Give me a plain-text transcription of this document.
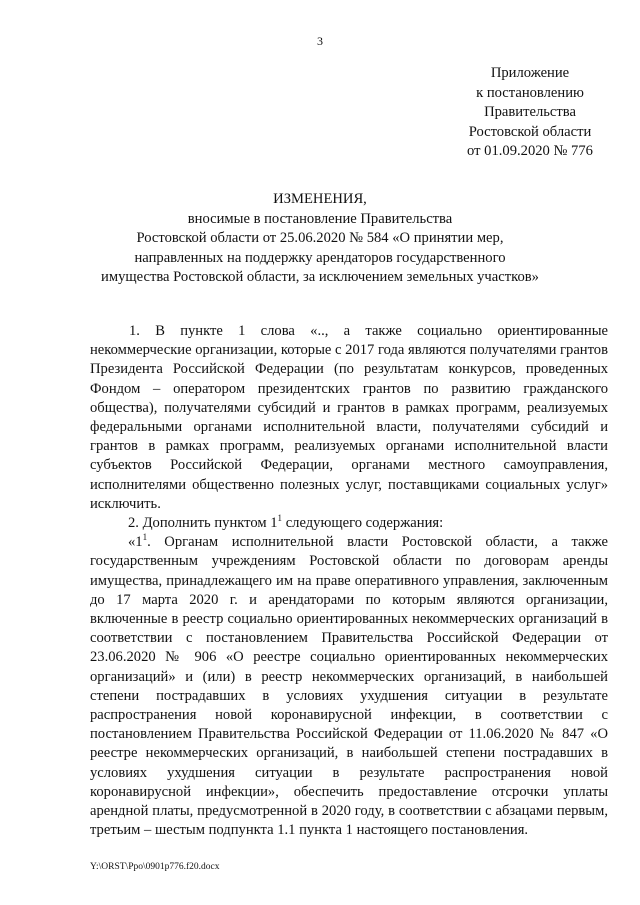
3
Приложение
к постановлению
Правительства
Ростовской области
от 01.09.2020 № 776
ИЗМЕНЕНИЯ,
вносимые в постановление Правительства
Ростовской области от 25.06.2020 № 584 «О принятии мер,
направленных на поддержку арендаторов государственного
имущества Ростовской области, за исключением земельных участков»

1. В пункте 1 слова «.., а также социально ориентированные некоммерческие организации, которые с 2017 года являются получателями грантов Президента Российской Федерации (по результатам конкурсов, проведенных Фондом – оператором президентских грантов по развитию гражданского общества), получателями субсидий и грантов в рамках программ, реализуемых федеральными органами исполнительной власти, получателями субсидий и грантов в рамках программ, реализуемых органами исполнительной власти субъектов Российской Федерации, органами местного самоуправления, исполнителями общественно полезных услуг, поставщиками социальных услуг» исключить.

2. Дополнить пунктом $1^1$ следующего содержания:

«$1^1$. Органам исполнительной власти Ростовской области, а также государственным учреждениям Ростовской области по договорам аренды имущества, принадлежащего им на праве оперативного управления, заключенным до 17 марта 2020 г. и арендаторами по которым являются организации, включенные в реестр социально ориентированных некоммерческих организаций в соответствии с постановлением Правительства Российской Федерации от 23.06.2020 № 906 «О реестре социально ориентированных некоммерческих организаций» и (или) в реестр некоммерческих организаций, в наибольшей степени пострадавших в условиях ухудшения ситуации в результате распространения новой коронавирусной инфекции, в соответствии с постановлением Правительства Российской Федерации от 11.06.2020 № 847 «О реестре некоммерческих организаций, в наибольшей степени пострадавших в условиях ухудшения ситуации в результате распространения новой коронавирусной инфекции», обеспечить предоставление отсрочки уплаты арендной платы, предусмотренной в 2020 году, в соответствии с абзацами первым, третьим – шестым подпункта 1.1 пункта 1 настоящего постановления.

Y:\ORST\Ppo\0901p776.f20.docx
